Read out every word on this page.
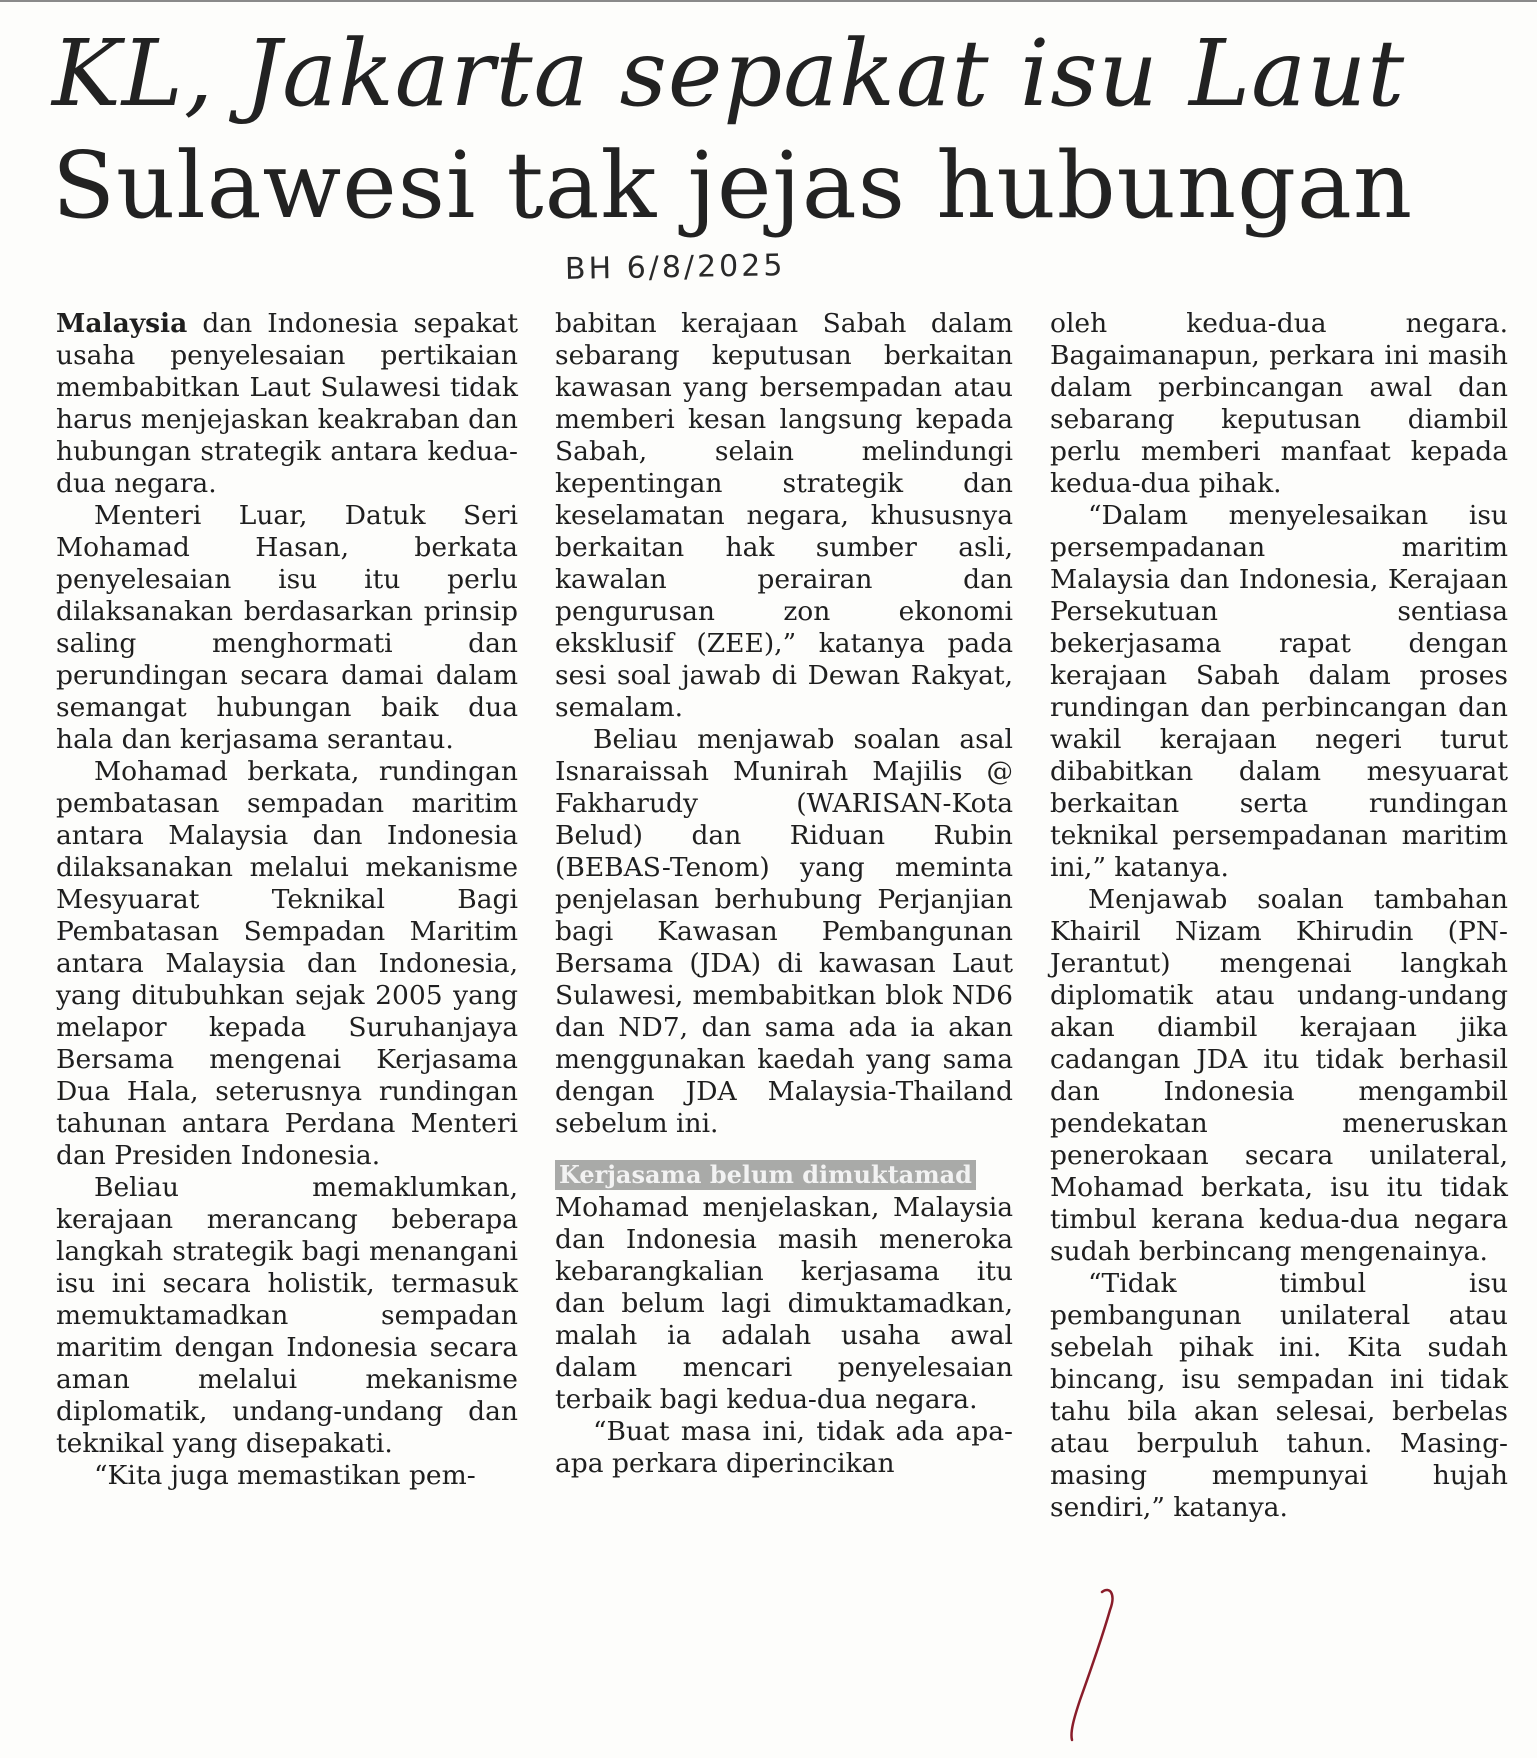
KL, Jakarta sepakat isu Laut
Sulawesi tak jejas hubungan
BH 6/8/2025

Malaysia dan Indonesia sepakat usaha penyelesaian pertikaian membabitkan Laut Sulawesi tidak harus menjejaskan keakraban dan hubungan strategik antara kedua-dua negara.

Menteri Luar, Datuk Seri Mohamad Hasan, berkata penyelesaian isu itu perlu dilaksanakan berdasarkan prinsip saling menghormati dan perundingan secara damai dalam semangat hubungan baik dua hala dan kerjasama serantau.

Mohamad berkata, rundingan pembatasan sempadan maritim antara Malaysia dan Indonesia dilaksanakan melalui mekanisme Mesyuarat Teknikal Bagi Pembatasan Sempadan Maritim antara Malaysia dan Indonesia, yang ditubuhkan sejak 2005 yang melapor kepada Suruhanjaya Bersama mengenai Kerjasama Dua Hala, seterusnya rundingan tahunan antara Perdana Menteri dan Presiden Indonesia.

Beliau memaklumkan, kerajaan merancang beberapa langkah strategik bagi menangani isu ini secara holistik, termasuk memuktamadkan sempadan maritim dengan Indonesia secara aman melalui mekanisme diplomatik, undang-undang dan teknikal yang disepakati.

“Kita juga memastikan pem-

babitan kerajaan Sabah dalam sebarang keputusan berkaitan kawasan yang bersempadan atau memberi kesan langsung kepada Sabah, selain melindungi kepentingan strategik dan keselamatan negara, khususnya berkaitan hak sumber asli, kawalan perairan dan pengurusan zon ekonomi eksklusif (ZEE),” katanya pada sesi soal jawab di Dewan Rakyat, semalam.

Beliau menjawab soalan asal Isnaraissah Munirah Majilis @ Fakharudy (WARISAN-Kota Belud) dan Riduan Rubin (BEBAS-Tenom) yang meminta penjelasan berhubung Perjanjian bagi Kawasan Pembangunan Bersama (JDA) di kawasan Laut Sulawesi, membabitkan blok ND6 dan ND7, dan sama ada ia akan menggunakan kaedah yang sama dengan JDA Malaysia-Thailand sebelum ini.

Kerjasama belum dimuktamad

Mohamad menjelaskan, Malaysia dan Indonesia masih meneroka kebarangkalian kerjasama itu dan belum lagi dimuktamadkan, malah ia adalah usaha awal dalam mencari penyelesaian terbaik bagi kedua-dua negara.

“Buat masa ini, tidak ada apa-apa perkara diperincikan

oleh kedua-dua negara. Bagaimanapun, perkara ini masih dalam perbincangan awal dan sebarang keputusan diambil perlu memberi manfaat kepada kedua-dua pihak.

“Dalam menyelesaikan isu persempadanan maritim Malaysia dan Indonesia, Kerajaan Persekutuan sentiasa bekerjasama rapat dengan kerajaan Sabah dalam proses rundingan dan perbincangan dan wakil kerajaan negeri turut dibabitkan dalam mesyuarat berkaitan serta rundingan teknikal persempadanan maritim ini,” katanya.

Menjawab soalan tambahan Khairil Nizam Khirudin (PN-Jerantut) mengenai langkah diplomatik atau undang-undang akan diambil kerajaan jika cadangan JDA itu tidak berhasil dan Indonesia mengambil pendekatan meneruskan penerokaan secara unilateral, Mohamad berkata, isu itu tidak timbul kerana kedua-dua negara sudah berbincang mengenainya.

“Tidak timbul isu pembangunan unilateral atau sebelah pihak ini. Kita sudah bincang, isu sempadan ini tidak tahu bila akan selesai, berbelas atau berpuluh tahun. Masing-masing mempunyai hujah sendiri,” katanya.
